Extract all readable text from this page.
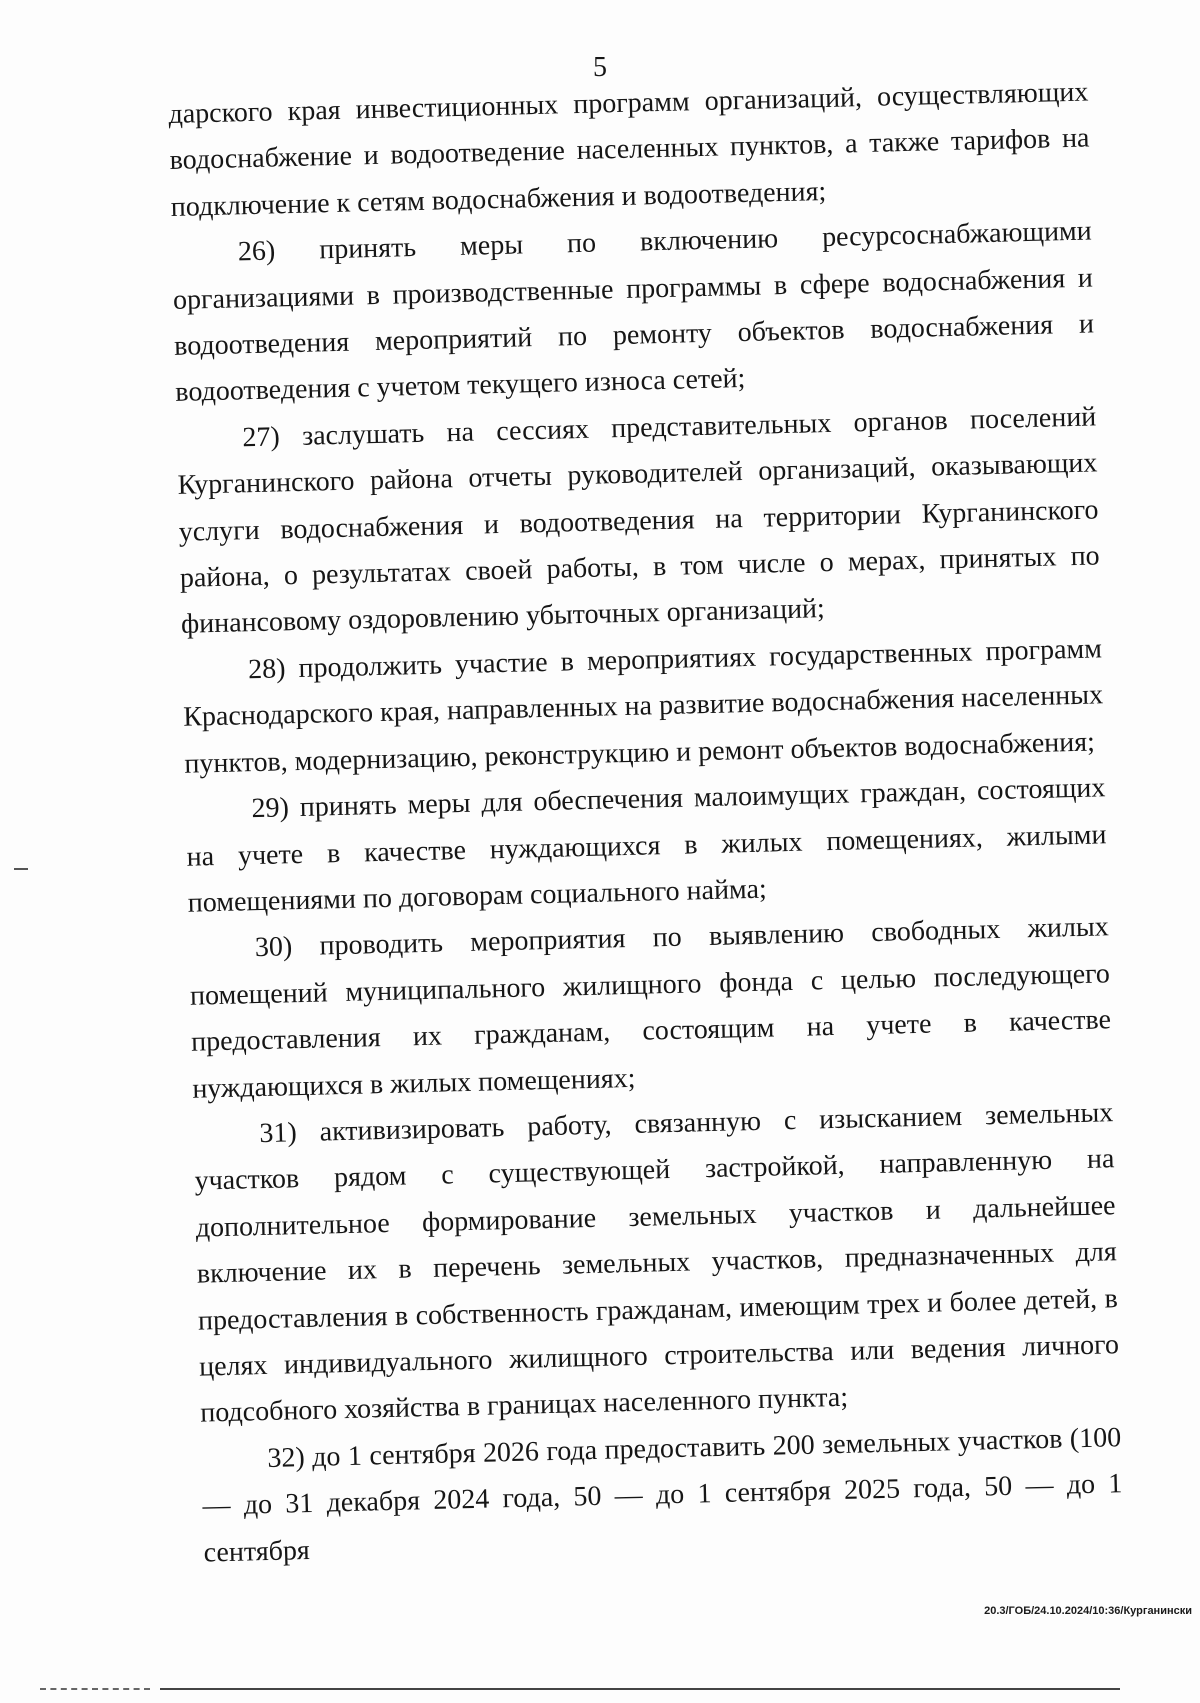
5

дарского края инвестиционных программ организаций, осуществляющих водоснабжение и водоотведение населенных пунктов, а также тарифов на подключение к сетям водоснабжения и водоотведения;

26) принять меры по включению ресурсоснабжающими организациями в производственные программы в сфере водоснабжения и водоотведения мероприятий по ремонту объектов водоснабжения и водоотведения с учетом текущего износа сетей;

27) заслушать на сессиях представительных органов поселений Курганинского района отчеты руководителей организаций, оказывающих услуги водоснабжения и водоотведения на территории Курганинского района, о результатах своей работы, в том числе о мерах, принятых по финансовому оздоровлению убыточных организаций;

28) продолжить участие в мероприятиях государственных программ Краснодарского края, направленных на развитие водоснабжения населенных пунктов, модернизацию, реконструкцию и ремонт объектов водоснабжения;

29) принять меры для обеспечения малоимущих граждан, состоящих на учете в качестве нуждающихся в жилых помещениях, жилыми помещениями по договорам социального найма;

30) проводить мероприятия по выявлению свободных жилых помещений муниципального жилищного фонда с целью последующего предоставления их гражданам, состоящим на учете в качестве нуждающихся в жилых помещениях;

31) активизировать работу, связанную с изысканием земельных участков рядом с существующей застройкой, направленную на дополнительное формирование земельных участков и дальнейшее включение их в перечень земельных участков, предназначенных для предоставления в собственность гражданам, имеющим трех и более детей, в целях индивидуального жилищного строительства или ведения личного подсобного хозяйства в границах населенного пункта;

32) до 1 сентября 2026 года предоставить 200 земельных участков (100 — до 31 декабря 2024 года, 50 — до 1 сентября 2025 года, 50 — до 1 сентября

20.3/ГОБ/24.10.2024/10:36/Курганински
